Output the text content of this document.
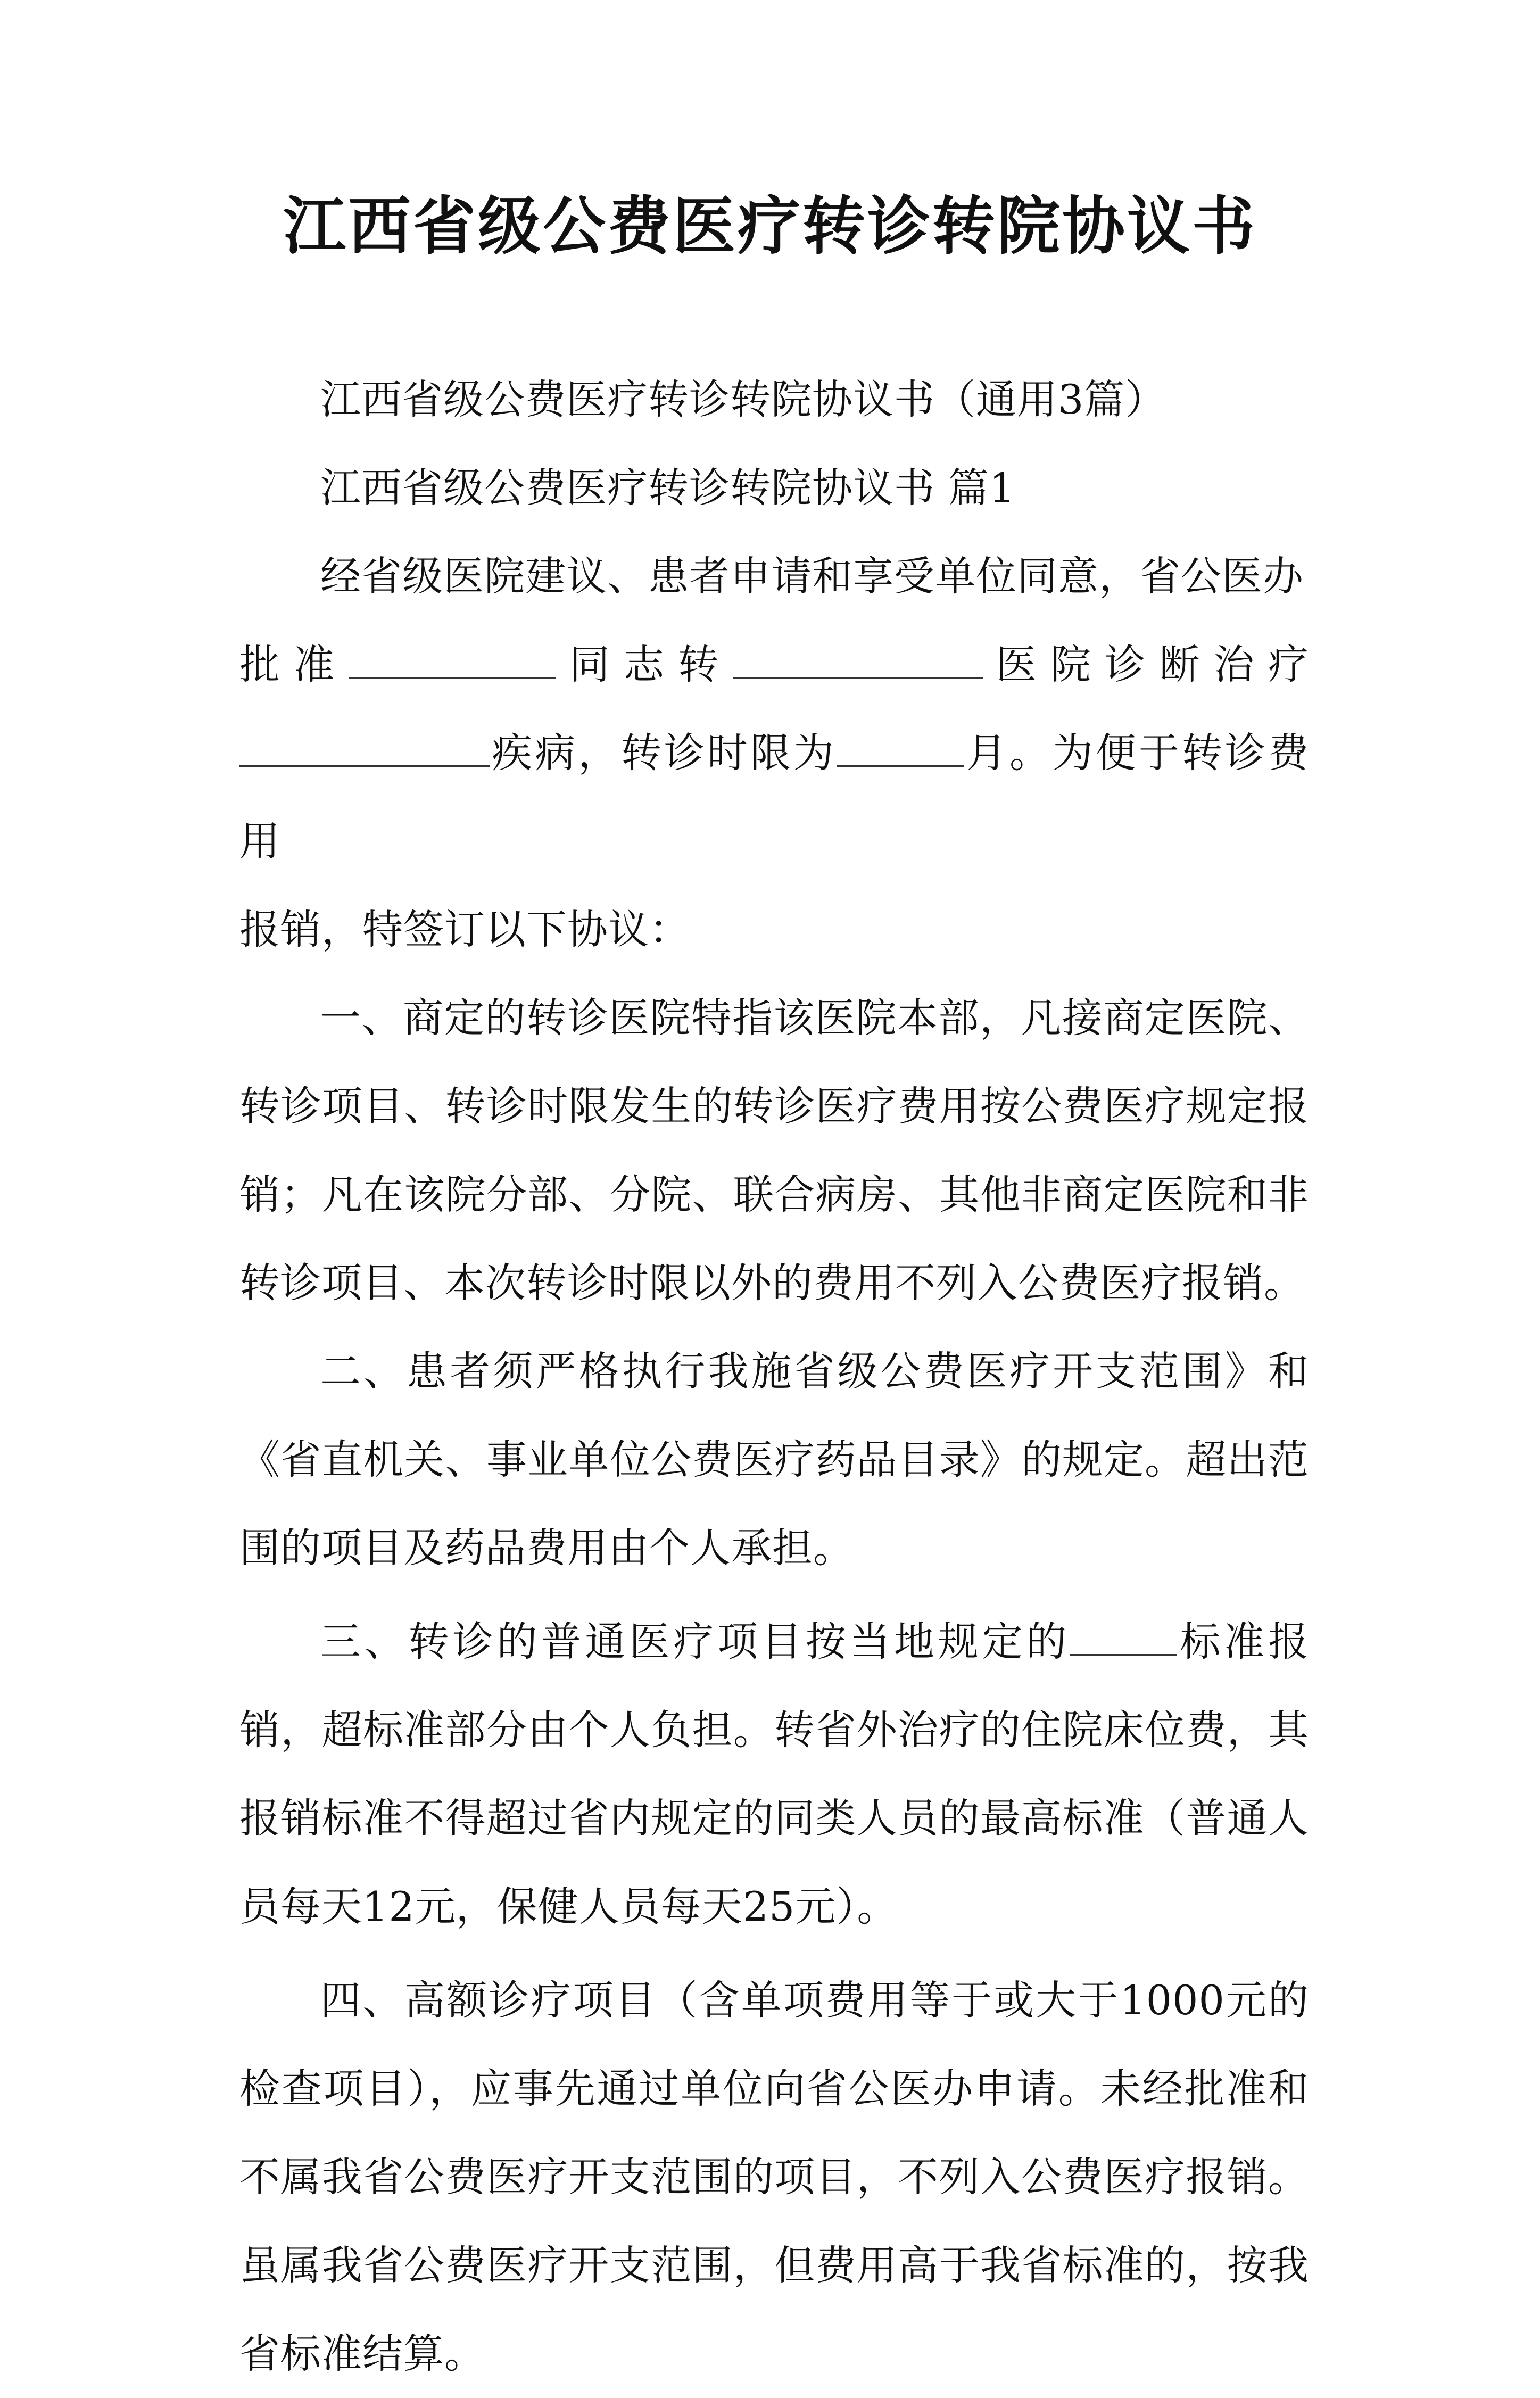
江西省级公费医疗转诊转院协议书

江西省级公费医疗转诊转院协议书（通用3篇）

江西省级公费医疗转诊转院协议书 篇1

经省级医院建议、患者申请和享受单位同意，省公医办

批准	同志转	医院诊断治疗

疾病，转诊时限为	月。为便于转诊费用

报销，特签订以下协议：

一、商定的转诊医院特指该医院本部，凡接商定医院、转诊项目、转诊时限发生的转诊医疗费用按公费医疗规定报销；凡在该院分部、分院、联合病房、其他非商定医院和非转诊项目、本次转诊时限以外的费用不列入公费医疗报销。

二、患者须严格执行我施省级公费医疗开支范围》和《省直机关、事业单位公费医疗药品目录》的规定。超出范围的项目及药品费用由个人承担。

三、转诊的普通医疗项目按当地规定的	标准报销，超标准部分由个人负担。转省外治疗的住院床位费，其报销标准不得超过省内规定的同类人员的最高标准（普通人员每天12元，保健人员每天25元）。

四、高额诊疗项目（含单项费用等于或大于1000元的检查项目），应事先通过单位向省公医办申请。未经批准和不属我省公费医疗开支范围的项目，不列入公费医疗报销。虽属我省公费医疗开支范围，但费用高于我省标准的，按我省标准结算。
